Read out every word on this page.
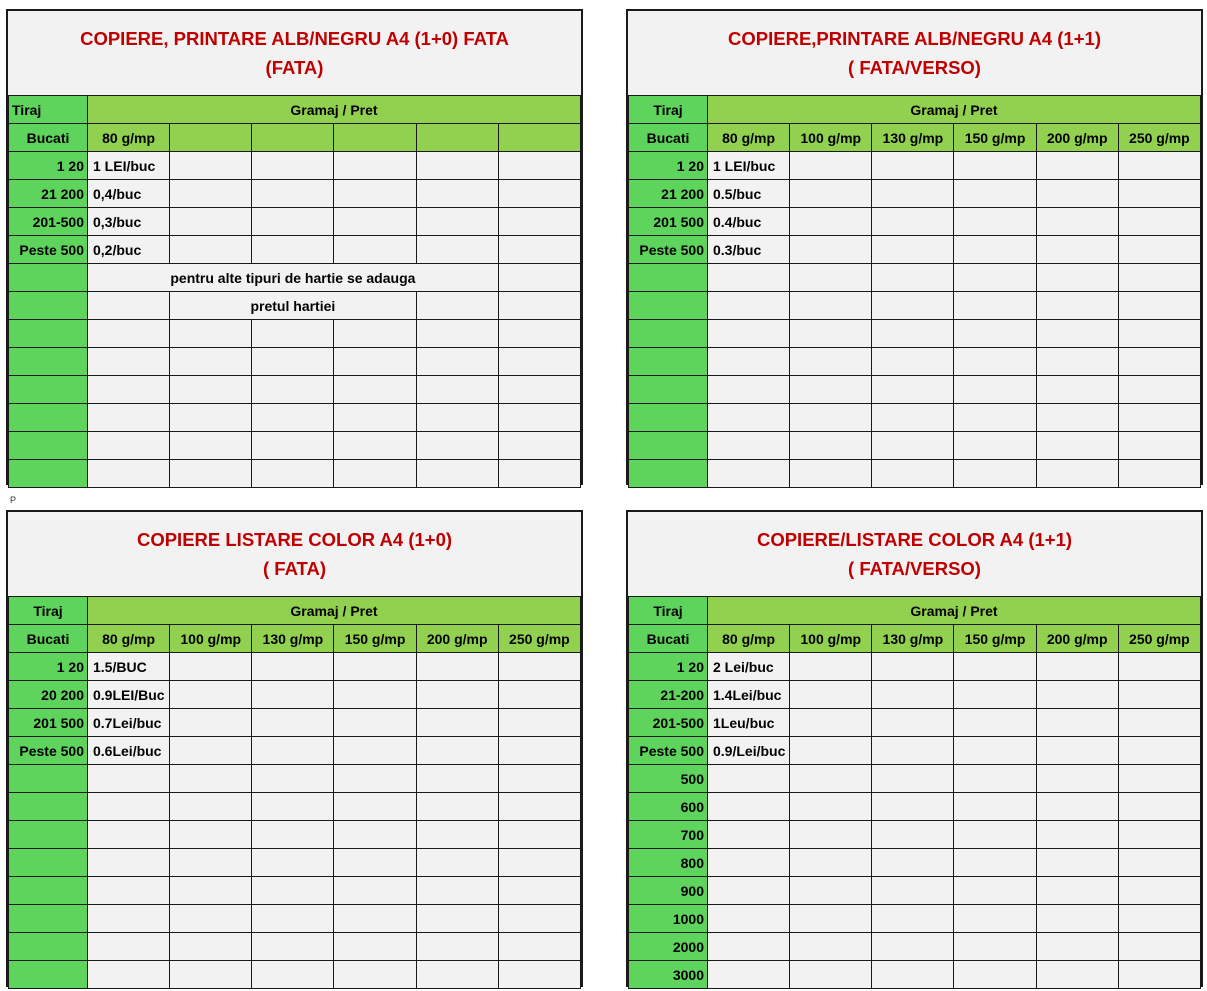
P
COPIERE, PRINTARE ALB/NEGRU A4 (1+0) FATA
(FATA)
Tiraj	Gramaj / Pret					
Bucati	80 g/mp					
1 20	1 LEI/buc					
21 200	0,4/buc					
201-500	0,3/buc					
Peste 500	0,2/buc					
	pentru alte tipuri de hartie se adauga					
		pretul hartiei				

COPIERE,PRINTARE ALB/NEGRU A4 (1+1)
( FATA/VERSO)
Tiraj	Gramaj / Pret					
Bucati	80 g/mp	100 g/mp	130 g/mp	150 g/mp	200 g/mp	250 g/mp
1 20	1 LEI/buc					
21 200	0.5/buc					
201 500	0.4/buc					
Peste 500	0.3/buc					

COPIERE LISTARE COLOR A4 (1+0)
( FATA)
Tiraj	Gramaj / Pret					
Bucati	80 g/mp	100 g/mp	130 g/mp	150 g/mp	200 g/mp	250 g/mp
1 20	1.5/BUC					
20 200	0.9LEI/Buc					
201 500	0.7Lei/buc					
Peste 500	0.6Lei/buc					

COPIERE/LISTARE COLOR A4 (1+1)
( FATA/VERSO)
Tiraj	Gramaj / Pret					
Bucati	80 g/mp	100 g/mp	130 g/mp	150 g/mp	200 g/mp	250 g/mp
1 20	2 Lei/buc					
21-200	1.4Lei/buc					
201-500	1Leu/buc					
Peste 500	0.9/Lei/buc					
500						
600						
700						
800						
900						
1000						
2000						
3000						
